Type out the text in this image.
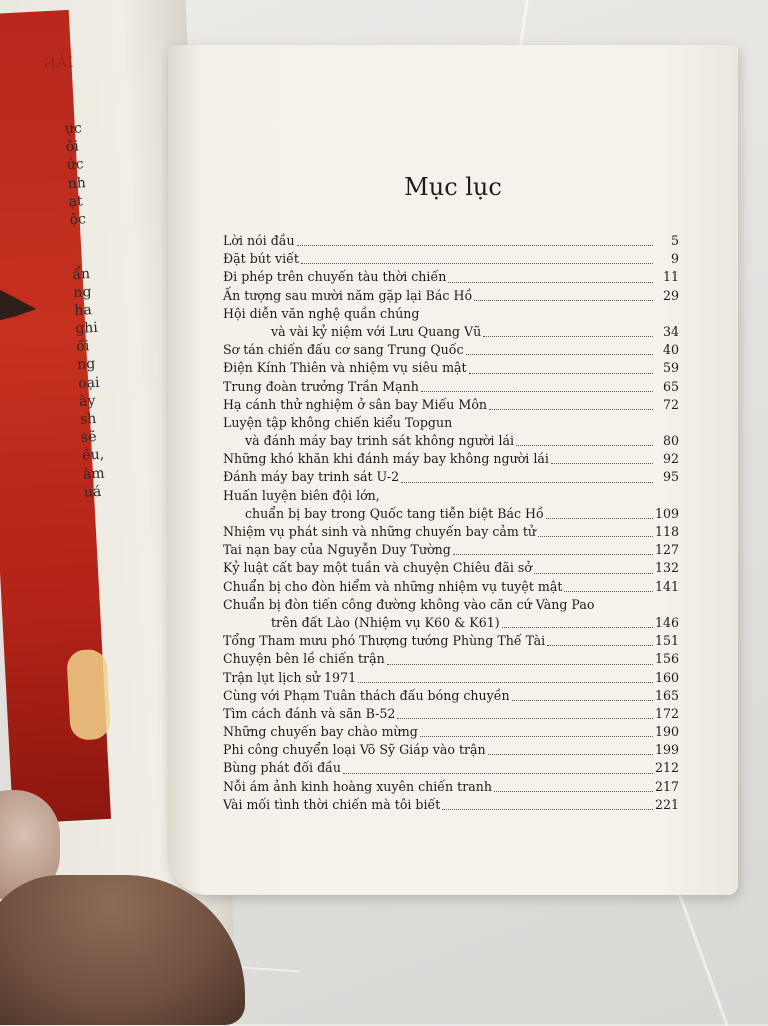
HÁI
ực
ôi
ức
nh
ạt
ộc
ẩn
ng
ha
ghi
ối
ng
oại
ày
sh
sẽ
ều,
àm
uá
Mục lục
Lời nói đầu	5
Đặt bút viết	9
Đi phép trên chuyến tàu thời chiến	11
Ấn tượng sau mười năm gặp lại Bác Hồ	29
Hội diễn văn nghệ quần chúng
và vài kỷ niệm với Lưu Quang Vũ	34
Sơ tán chiến đấu cơ sang Trung Quốc	40
Điện Kính Thiên và nhiệm vụ siêu mật	59
Trung đoàn trưởng Trần Mạnh	65
Hạ cánh thử nghiệm ở sân bay Miếu Môn	72
Luyện tập không chiến kiểu Topgun
và đánh máy bay trinh sát không người lái	80
Những khó khăn khi đánh máy bay không người lái	92
Đánh máy bay trinh sát U-2	95
Huấn luyện biên đội lớn,
chuẩn bị bay trong Quốc tang tiễn biệt Bác Hồ	109
Nhiệm vụ phát sinh và những chuyến bay cảm tử	118
Tai nạn bay của Nguyễn Duy Tường	127
Kỷ luật cất bay một tuần và chuyện Chiêu đãi sở	132
Chuẩn bị cho đòn hiểm và những nhiệm vụ tuyệt mật	141
Chuẩn bị đòn tiến công đường không vào căn cứ Vàng Pao
trên đất Lào (Nhiệm vụ K60 & K61)	146
Tổng Tham mưu phó Thượng tướng Phùng Thế Tài	151
Chuyện bên lề chiến trận	156
Trận lụt lịch sử 1971	160
Cùng với Phạm Tuân thách đấu bóng chuyền	165
Tìm cách đánh và săn B-52	172
Những chuyến bay chào mừng	190
Phi công chuyển loại Võ Sỹ Giáp vào trận	199
Bùng phát đối đầu	212
Nỗi ám ảnh kinh hoàng xuyên chiến tranh	217
Vài mối tình thời chiến mà tôi biết	221
